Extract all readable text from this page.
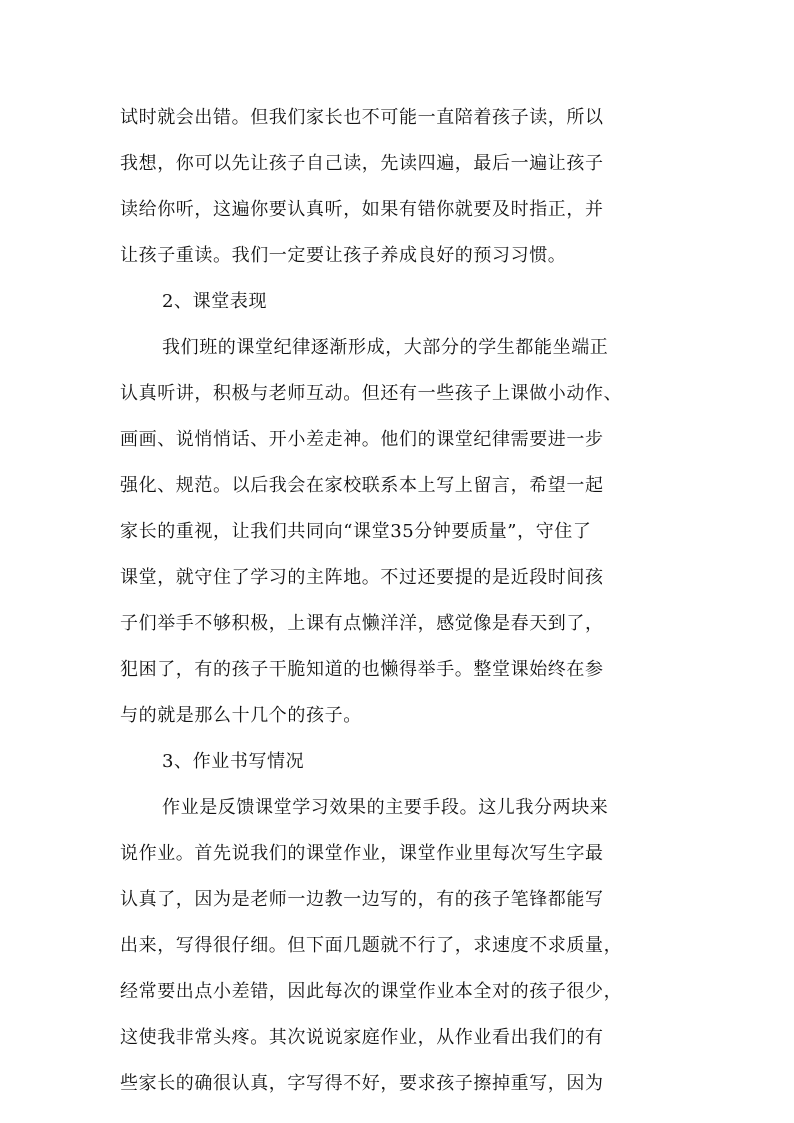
试时就会出错。但我们家长也不可能一直陪着孩子读，所以
我想，你可以先让孩子自己读，先读四遍，最后一遍让孩子
读给你听，这遍你要认真听，如果有错你就要及时指正，并
让孩子重读。我们一定要让孩子养成良好的预习习惯。
2、课堂表现
我们班的课堂纪律逐渐形成，大部分的学生都能坐端正
认真听讲，积极与老师互动。但还有一些孩子上课做小动作、
画画、说悄悄话、开小差走神。他们的课堂纪律需要进一步
强化、规范。以后我会在家校联系本上写上留言，希望一起
家长的重视，让我们共同向“课堂35分钟要质量”，守住了
课堂，就守住了学习的主阵地。不过还要提的是近段时间孩
子们举手不够积极，上课有点懒洋洋，感觉像是春天到了，
犯困了，有的孩子干脆知道的也懒得举手。整堂课始终在参
与的就是那么十几个的孩子。
3、作业书写情况
作业是反馈课堂学习效果的主要手段。这儿我分两块来
说作业。首先说我们的课堂作业，课堂作业里每次写生字最
认真了，因为是老师一边教一边写的，有的孩子笔锋都能写
出来，写得很仔细。但下面几题就不行了，求速度不求质量，
经常要出点小差错，因此每次的课堂作业本全对的孩子很少，
这使我非常头疼。其次说说家庭作业，从作业看出我们的有
些家长的确很认真，字写得不好，要求孩子擦掉重写，因为
